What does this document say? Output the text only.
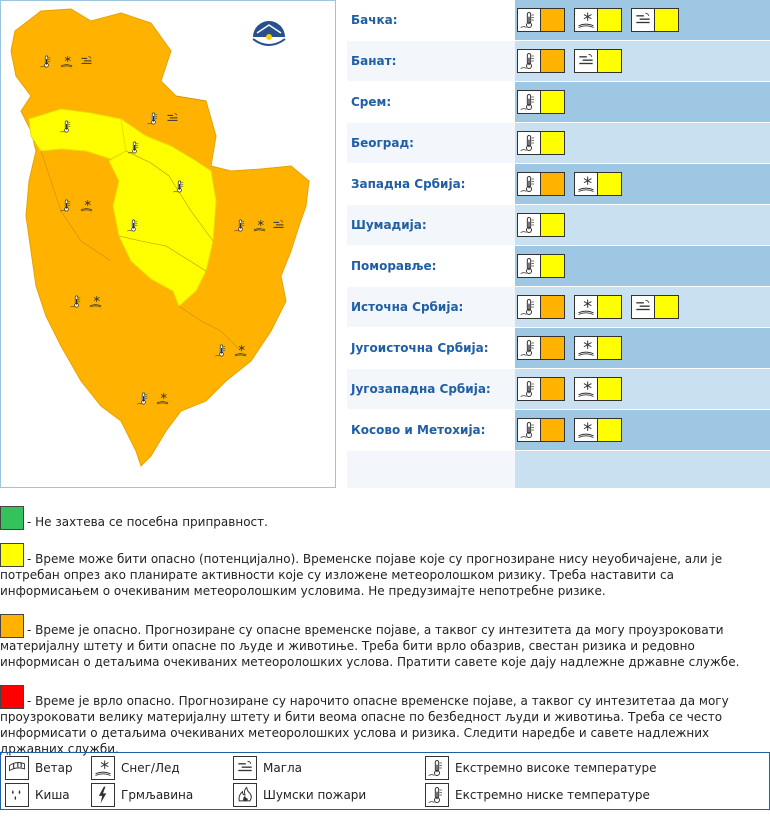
Бачка:
Банат:
Срем:
Београд:
Западна Србија:
Шумадија:
Поморавље:
Источна Србија:
Југоисточна Србија:
Југозападна Србија:
Косово и Метохија:
- Не захтева се посебна приправност.
- Време може бити опасно (потенцијално). Временске појаве које су прогнозиране нису неуобичајене, али је потребан опрез ако планирате активности које су изложене метеоролошком ризику. Треба наставити са информисањем о очекиваним метеоролошким условима. Не предузимајте непотребне ризике.
- Време је опасно. Прогнозиране су опасне временске појаве, а таквог су интезитета да могу проузроковати материјалну штету и бити опасне по људе и животиње. Треба бити врло обазрив, свестан ризика и редовно информисан о детаљима очекиваних метеоролошких услова. Пратити савете које дају надлежне државне службе.
- Време је врло опасно. Прогнозиране су нарочито опасне временске појаве, а таквог су интезитетаа да могу проузроковати велику материјалну штету и бити веома опасне по безбедност људи и животиња. Треба се често информисати о детаљима очекиваних метеоролошких услова и ризика. Следити наредбе и савете надлежних државних служби.
Ветар
Киша
Снег/Лед
Грмљавина
Магла
Шумски пожари
Екстремно високе температуре
Екстремно ниске температуре
